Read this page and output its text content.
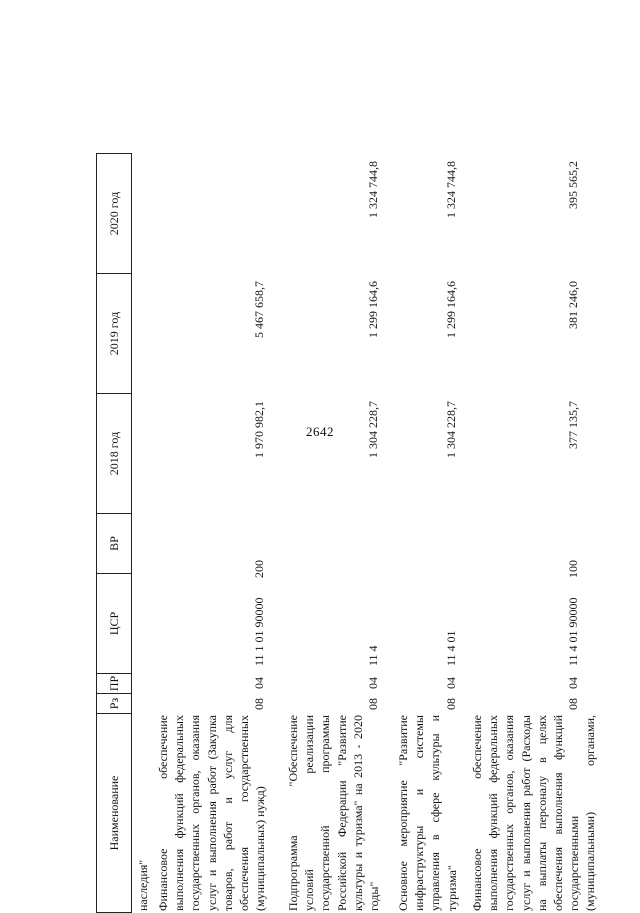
2642
Наименование
Рз
ПР
ЦСР
ВР
2018 год
2019 год
2020 год
наследия" Финансовое обеспечение выполнения функций федеральных государственных органов, оказания услуг и выполнения работ (Закупка товаров, работ и услуг для обеспечения государственных (муниципальных) нужд)
08
04
11 1 01 90000
200
1 970 982,1
5 467 658,7
Подпрограмма "Обеспечение условий реализации государственной программы Российской Федерации "Развитие культуры и туризма" на 2013 - 2020 годы"
08
04
11 4
1 304 228,7
1 299 164,6
1 324 744,8
Основное мероприятие "Развитие инфраструктуры и системы управления в сфере культуры и туризма"
08
04
11 4 01
1 304 228,7
1 299 164,6
1 324 744,8
Финансовое обеспечение выполнения функций федеральных государственных органов, оказания услуг и выполнения работ (Расходы на выплаты персоналу в целях обеспечения выполнения функций государственными (муниципальными) органами,
08
04
11 4 01 90000
100
377 135,7
381 246,0
395 565,2
